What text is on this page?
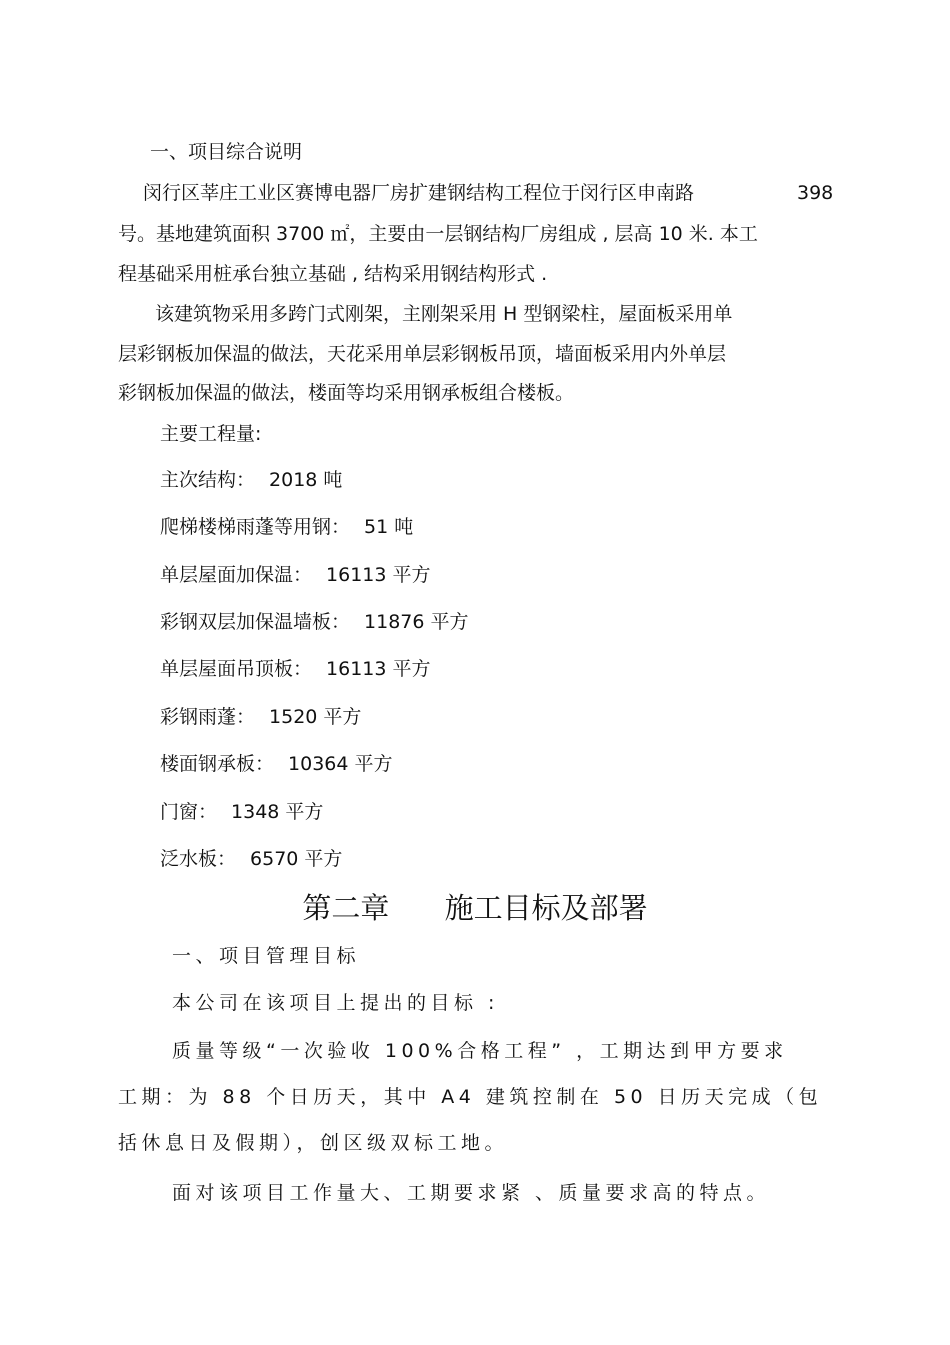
一、项目综合说明
闵行区莘庄工业区赛博电器厂房扩建钢结构工程位于闵行区申南路	398
号。基地建筑面积 3700 ㎡，主要由一层钢结构厂房组成 , 层高 10 米. 本工
程基础采用桩承台独立基础 , 结构采用钢结构形式 .
该建筑物采用多跨门式刚架，主刚架采用 H 型钢梁柱，屋面板采用单
层彩钢板加保温的做法，天花采用单层彩钢板吊顶，墙面板采用内外单层
彩钢板加保温的做法，楼面等均采用钢承板组合楼板。
主要工程量:
主次结构： 2018 吨
爬梯楼梯雨蓬等用钢： 51 吨
单层屋面加保温： 16113 平方
彩钢双层加保温墙板： 11876 平方
单层屋面吊顶板： 16113 平方
彩钢雨蓬： 1520 平方
楼面钢承板： 10364 平方
门窗： 1348 平方
泛水板： 6570 平方
第二章      施工目标及部署
一、项目管理目标
本公司在该项目上提出的目标 :
质量等级“一次验收 100%合格工程” ，工期达到甲方要求
工期：为 88 个日历天，其中 A4 建筑控制在 50 日历天完成（包
括休息日及假期），创区级双标工地。
面对该项目工作量大、工期要求紧 、质量要求高的特点。
